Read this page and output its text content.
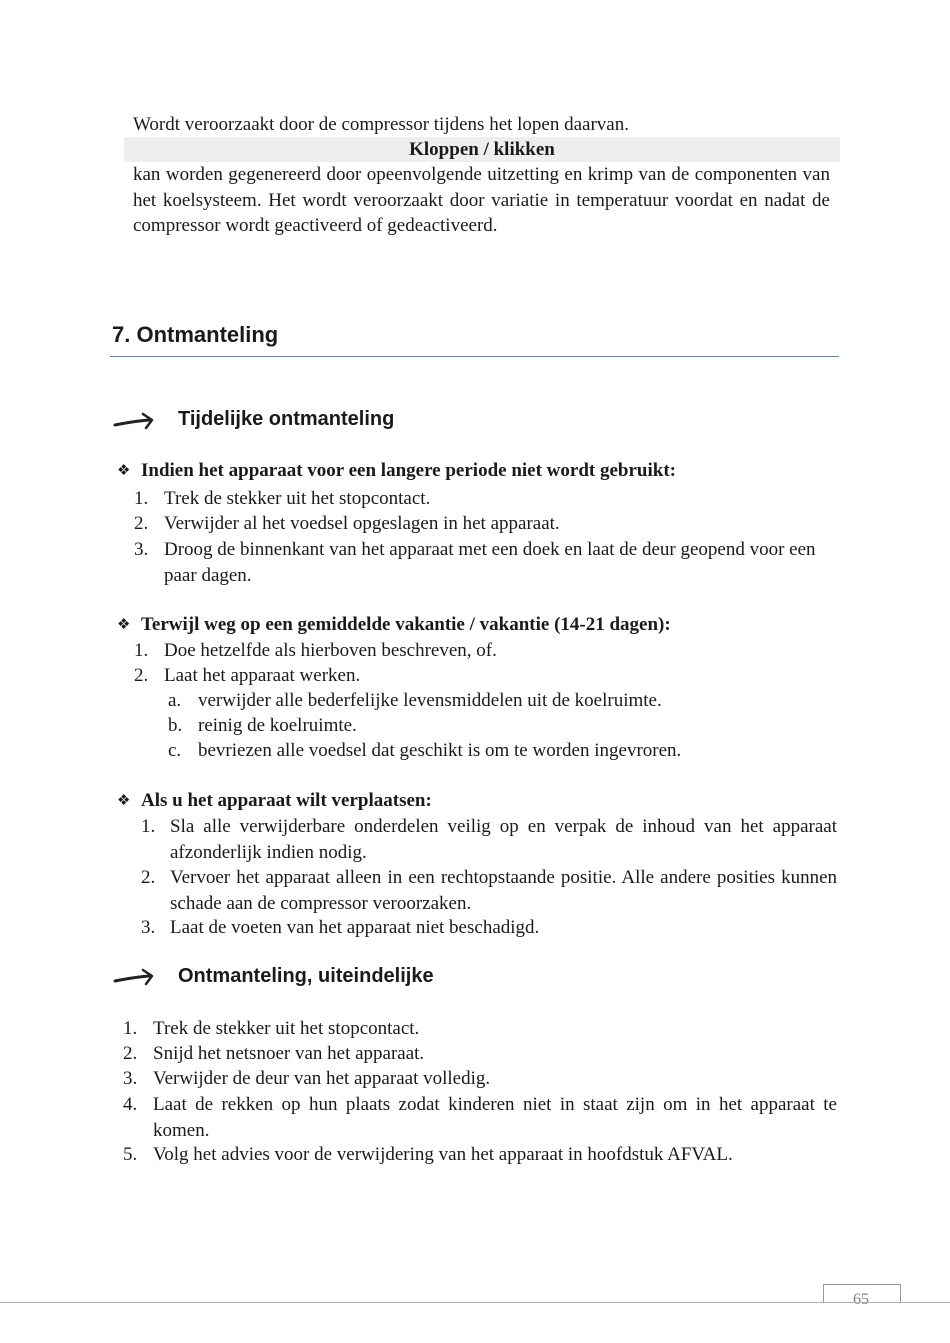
Wordt veroorzaakt door de compressor tijdens het lopen daarvan.
Kloppen / klikken
kan worden gegenereerd door opeenvolgende uitzetting en krimp van de componenten van het koelsysteem. Het wordt veroorzaakt door variatie in temperatuur voordat en nadat de compressor wordt geactiveerd of gedeactiveerd.
7. Ontmanteling
Tijdelijke ontmanteling
❖ Indien het apparaat voor een langere periode niet wordt gebruikt:
1. Trek de stekker uit het stopcontact.
2. Verwijder al het voedsel opgeslagen in het apparaat.
3. Droog de binnenkant van het apparaat met een doek en laat de deur geopend voor een paar dagen.
❖ Terwijl weg op een gemiddelde vakantie / vakantie (14-21 dagen):
1. Doe hetzelfde als hierboven beschreven, of.
2. Laat het apparaat werken.
a. verwijder alle bederfelijke levensmiddelen uit de koelruimte.
b. reinig de koelruimte.
c. bevriezen alle voedsel dat geschikt is om te worden ingevroren.
❖ Als u het apparaat wilt verplaatsen:
1. Sla alle verwijderbare onderdelen veilig op en verpak de inhoud van het apparaat afzonderlijk indien nodig.
2. Vervoer het apparaat alleen in een rechtopstaande positie. Alle andere posities kunnen schade aan de compressor veroorzaken.
3. Laat de voeten van het apparaat niet beschadigd.
Ontmanteling, uiteindelijke
1. Trek de stekker uit het stopcontact.
2. Snijd het netsnoer van het apparaat.
3. Verwijder de deur van het apparaat volledig.
4. Laat de rekken op hun plaats zodat kinderen niet in staat zijn om in het apparaat te komen.
5. Volg het advies voor de verwijdering van het apparaat in hoofdstuk AFVAL.
65
